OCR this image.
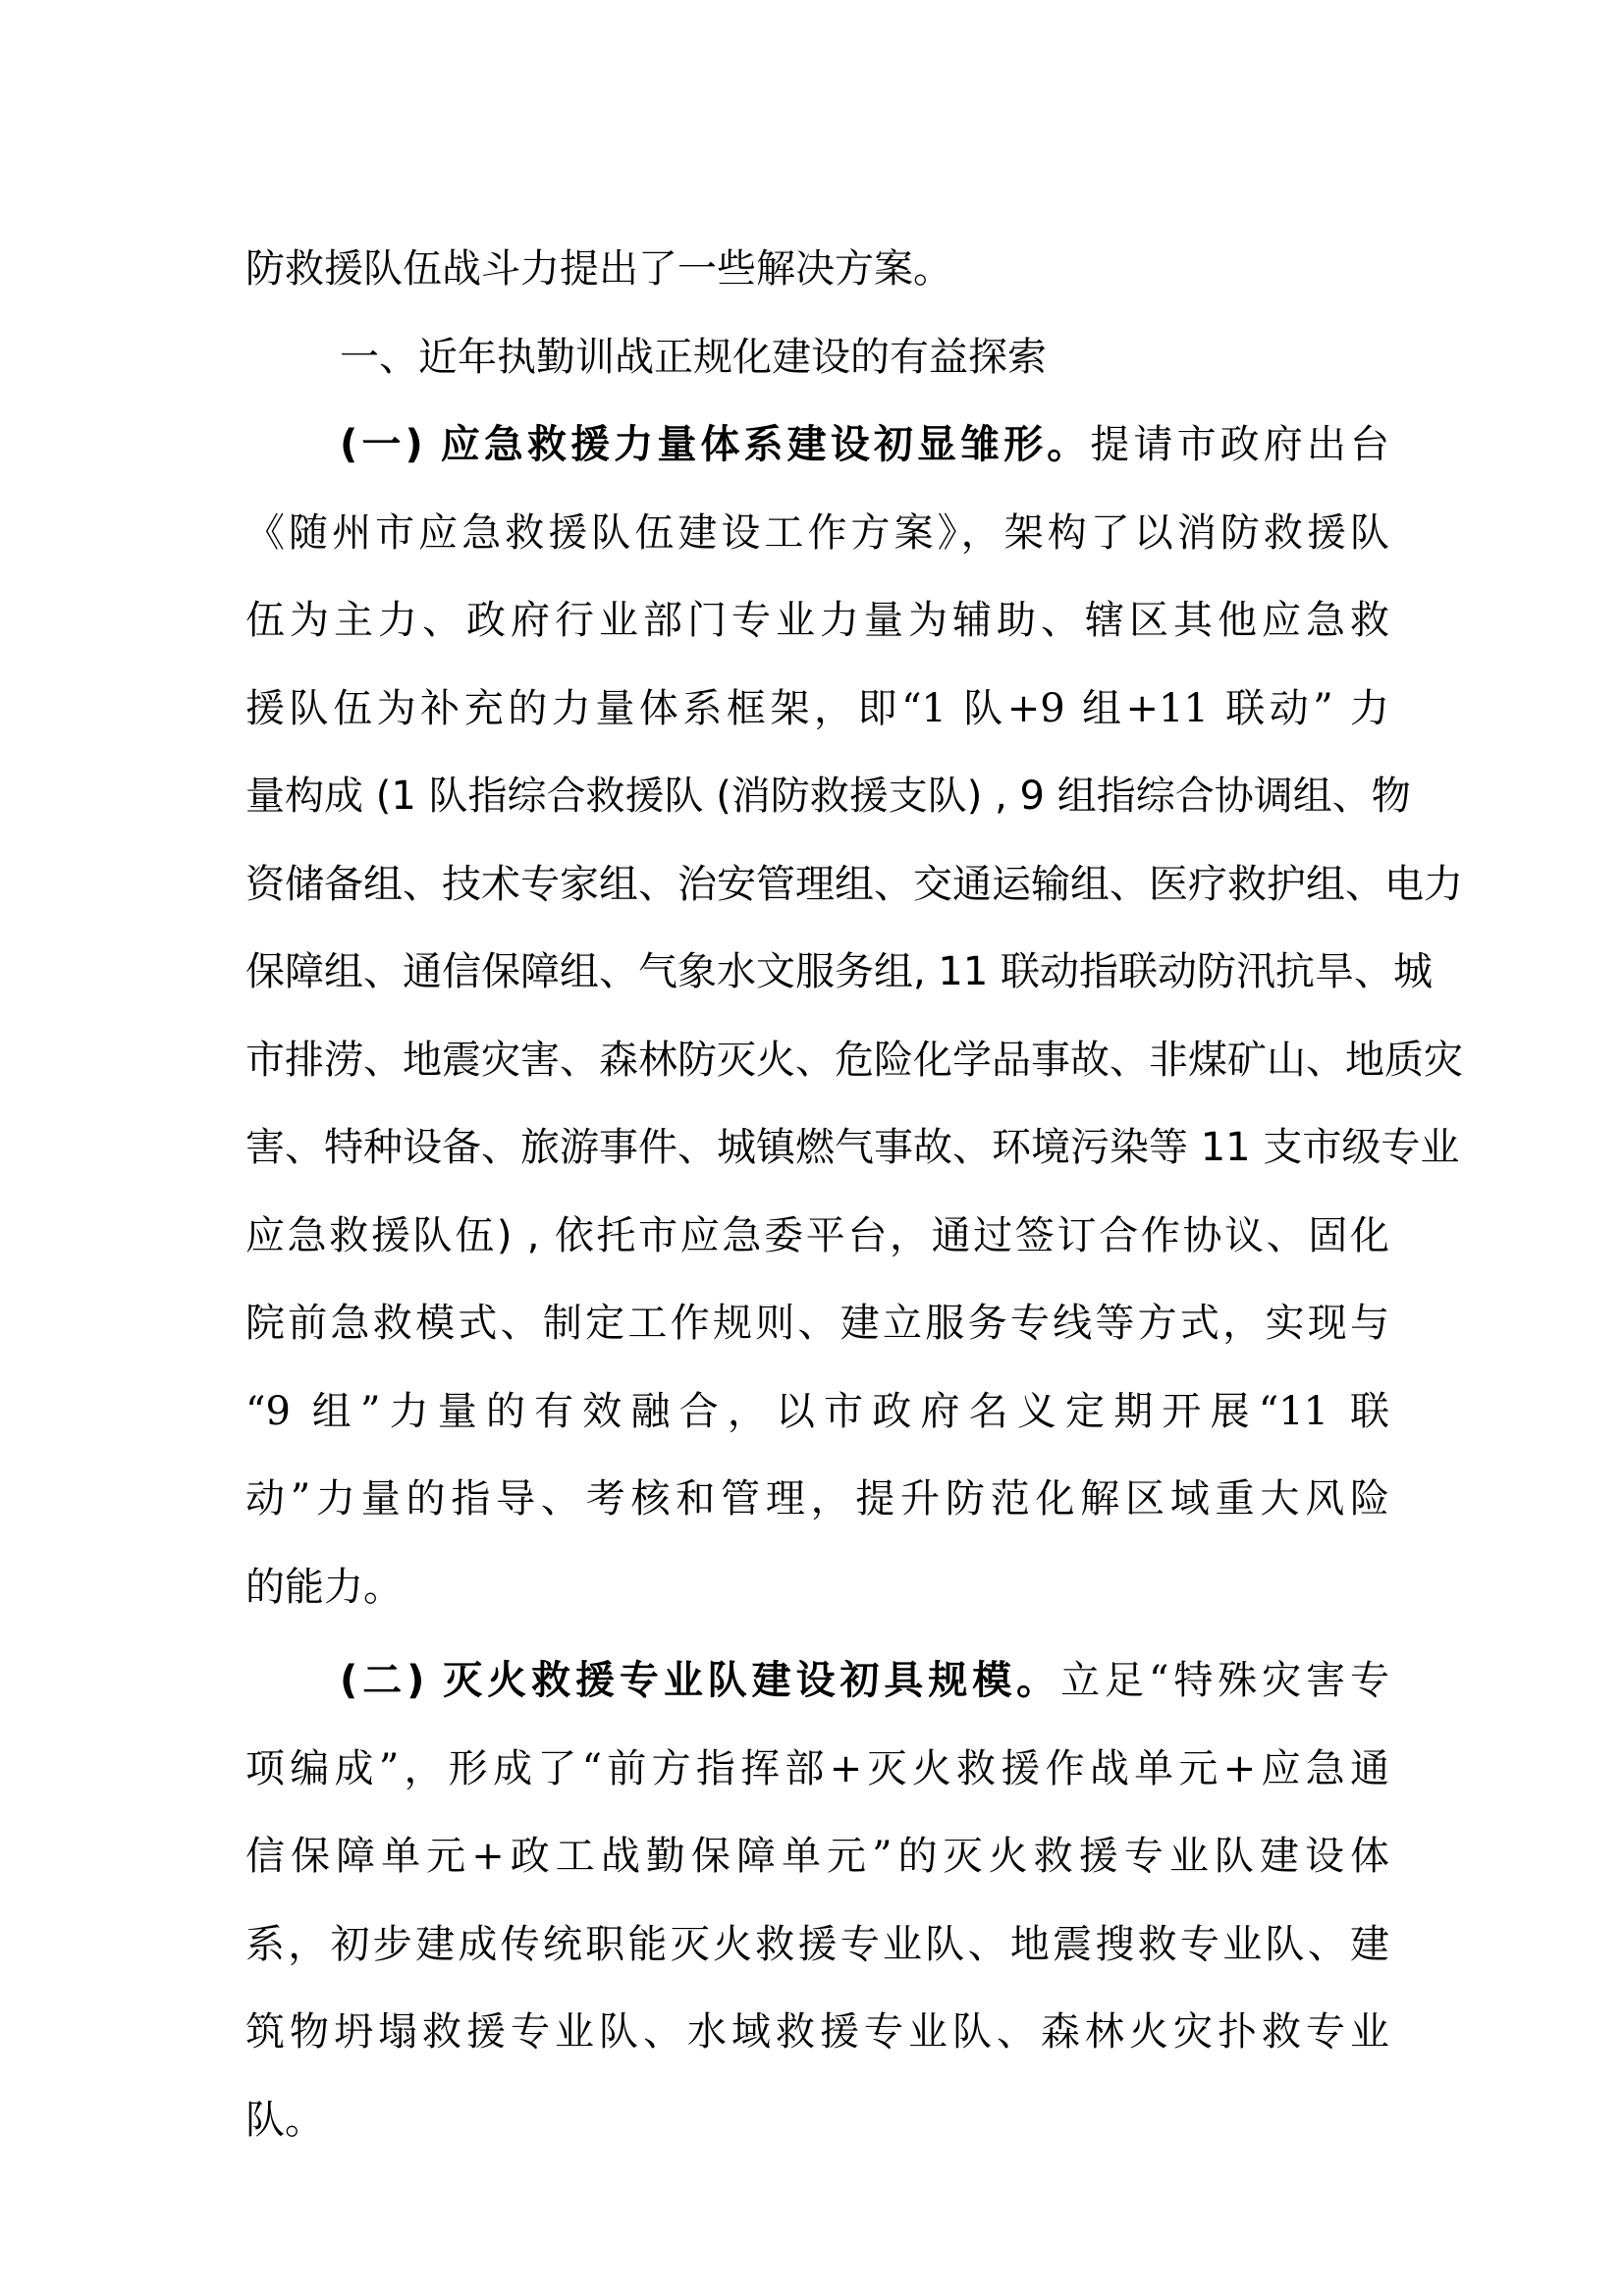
防救援队伍战斗力提出了一些解决方案。
一、近年执勤训战正规化建设的有益探索
(一) 应急救援力量体系建设初显雏形。提请市政府出台
《随州市应急救援队伍建设工作方案》，架构了以消防救援队
伍为主力、政府行业部门专业力量为辅助、辖区其他应急救
援队伍为补充的力量体系框架，即“1 队+9 组+11 联动” 力
量构成 (1 队指综合救援队 (消防救援支队) , 9 组指综合协调组、物
资储备组、技术专家组、治安管理组、交通运输组、医疗救护组、电力
保障组、通信保障组、气象水文服务组, 11 联动指联动防汛抗旱、城
市排涝、地震灾害、森林防灭火、危险化学品事故、非煤矿山、地质灾
害、特种设备、旅游事件、城镇燃气事故、环境污染等 11 支市级专业
应急救援队伍) , 依托市应急委平台，通过签订合作协议、固化
院前急救模式、制定工作规则、建立服务专线等方式，实现与
“9 组”力量的有效融合，以市政府名义定期开展“11 联
动”力量的指导、考核和管理，提升防范化解区域重大风险
的能力。
(二) 灭火救援专业队建设初具规模。立足“特殊灾害专
项编成”，形成了“前方指挥部+灭火救援作战单元+应急通
信保障单元+政工战勤保障单元”的灭火救援专业队建设体
系，初步建成传统职能灭火救援专业队、地震搜救专业队、建
筑物坍塌救援专业队、水域救援专业队、森林火灾扑救专业
队。
